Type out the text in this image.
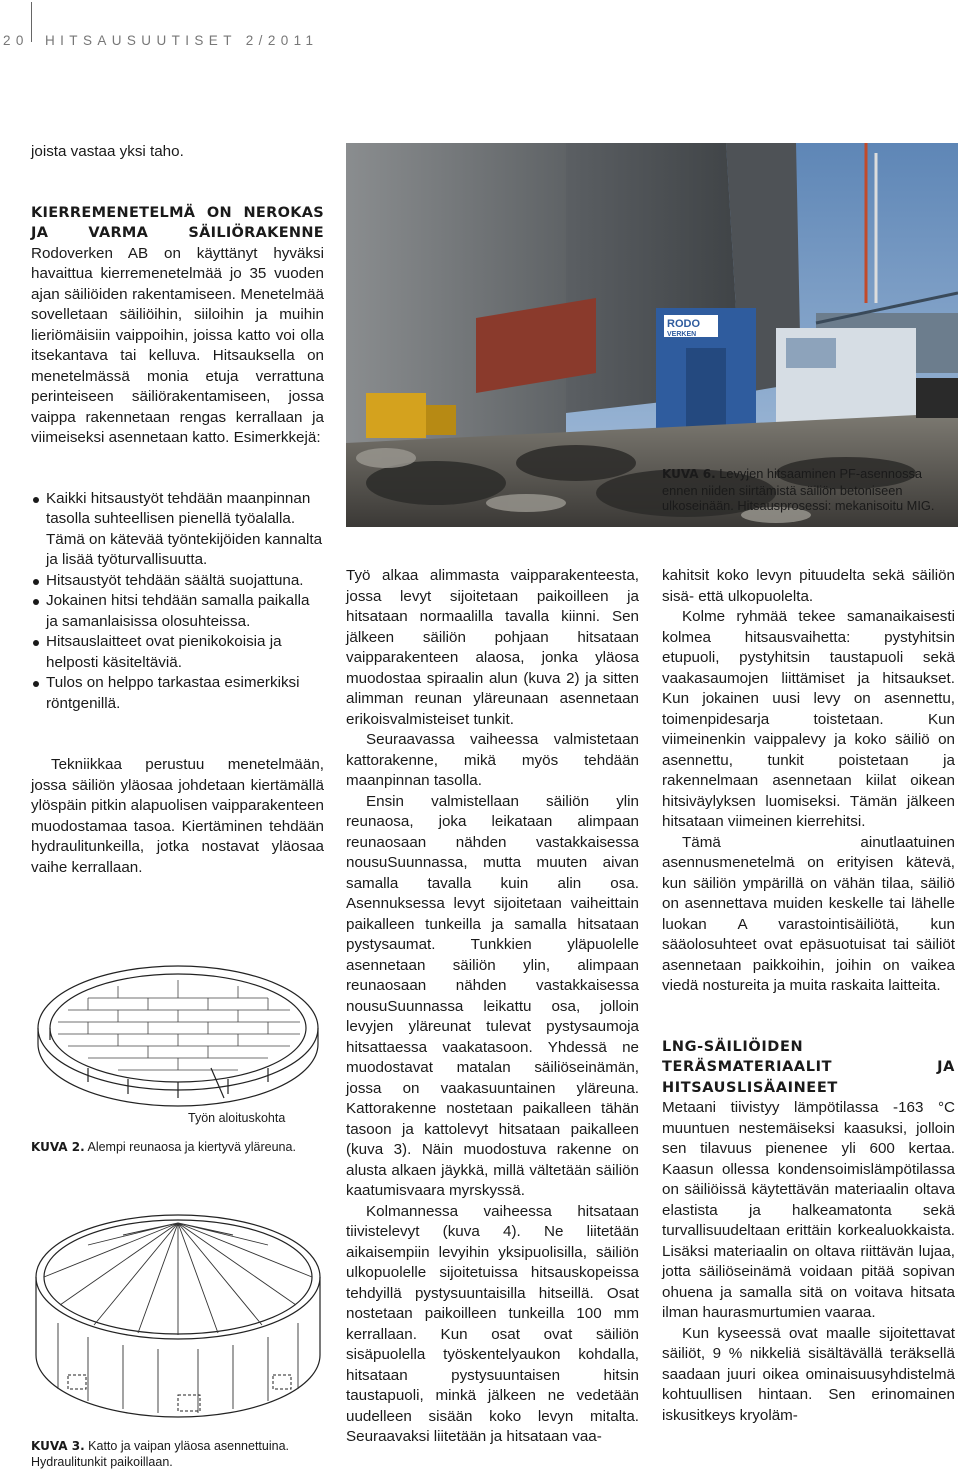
20 HITSAUSUUTISET 2/2011

joista vastaa yksi taho.

KIERREMENETELMÄ ON NEROKAS JA VARMA SÄILIÖRAKENNE Rodoverken AB on käyttänyt hyväksi havaittua kierremenetelmää jo 35 vuoden ajan säiliöiden rakentamiseen. Menetelmää sovelletaan säiliöihin, siiloihin ja muihin lieriömäisiin vaippoihin, joissa katto voi olla itsekantava tai kelluva. Hitsauksella on menetelmässä monia etuja verrattuna perinteiseen säiliörakentamiseen, jossa vaippa rakennetaan rengas kerrallaan ja viimeiseksi asennetaan katto. Esimerkkejä:

Kaikki hitsaustyöt tehdään maanpinnan tasolla suhteellisen pienellä työalalla. Tämä on kätevää työntekijöiden kannalta ja lisää työturvallisuutta.
Hitsaustyöt tehdään säältä suojattuna.
Jokainen hitsi tehdään samalla paikalla ja samanlaisissa olosuhteissa.
Hitsauslaitteet ovat pienikokoisia ja helposti käsiteltäviä.
Tulos on helppo tarkastaa esimerkiksi röntgenillä.

Tekniikkaa perustuu menetelmään, jossa säiliön yläosaa johdetaan kiertämällä ylöspäin pitkin alapuolisen vaipparakenteen muodostamaa tasoa. Kiertäminen tehdään hydraulitunkeilla, jotka nostavat yläosaa vaihe kerrallaan.

Työn aloituskohta
KUVA 2. Alempi reunaosa ja kiertyvä yläreuna.
KUVA 3. Katto ja vaipan yläosa asennettuina. Hydraulitunkit paikoillaan.
RODO
VERKEN
KUVA 6. Levyjen hitsaaminen PF-asennossa ennen niiden siirtämistä säiliön betoniseen ulkoseinään. Hitsausprosessi: mekanisoitu MIG.

Työ alkaa alimmasta vaipparakenteesta, jossa levyt sijoitetaan paikoilleen ja hitsataan normaalilla tavalla kiinni. Sen jälkeen säiliön pohjaan hitsataan vaipparakenteen alaosa, jonka yläosa muodostaa spiraalin alun (kuva 2) ja sitten alimman reunan yläreunaan asennetaan erikoisvalmisteiset tunkit.

Seuraavassa vaiheessa valmistetaan kattorakenne, mikä myös tehdään maanpinnan tasolla.

Ensin valmistellaan säiliön ylin reunaosa, joka leikataan alimpaan reunaosaan nähden vastakkaisessa nousuSuunnassa, mutta muuten aivan samalla tavalla kuin alin osa. Asennuksessa levyt sijoitetaan vaiheittain paikalleen tunkeilla ja samalla hitsataan pystysaumat. Tunkkien yläpuolelle asennetaan säiliön ylin, alimpaan reunaosaan nähden vastakkaisessa nousuSuunnassa leikattu osa, jolloin levyjen yläreunat tulevat pystysaumoja hitsattaessa vaakatasoon. Yhdessä ne muodostavat matalan säiliöseinämän, jossa on vaakasuuntainen yläreuna. Kattorakenne nostetaan paikalleen tähän tasoon ja kattolevyt hitsataan paikalleen (kuva 3). Näin muodostuva rakenne on alusta alkaen jäykkä, millä vältetään säiliön kaatumisvaara myrskyssä.

Kolmannessa vaiheessa hitsataan tiivistelevyt (kuva 4). Ne liitetään aikaisempiin levyihin yksipuolisilla, säiliön ulkopuolelle sijoitetuissa hitsauskopeissa tehdyillä pystysuuntaisilla hitseillä. Osat nostetaan paikoilleen tunkeilla 100 mm kerrallaan. Kun osat ovat säiliön sisäpuolella työskentelyaukon kohdalla, hitsataan pystysuuntaisen hitsin taustapuoli, minkä jälkeen ne vedetään uudelleen sisään koko levyn mitalta. Seuraavaksi liitetään ja hitsataan vaa-

kahitsit koko levyn pituudelta sekä säiliön sisä- että ulkopuolelta.

Kolme ryhmää tekee samanaikaisesti kolmea hitsausvaihetta: pystyhitsin etupuoli, pystyhitsin taustapuoli sekä vaakasaumojen liittämiset ja hitsaukset. Kun jokainen uusi levy on asennettu, toimenpidesarja toistetaan. Kun viimeinenkin vaippalevy ja koko säiliö on asennettu, tunkit poistetaan ja rakennelmaan asennetaan kiilat oikean hitsiväylyksen luomiseksi. Tämän jälkeen hitsataan viimeinen kierrehitsi.

Tämä ainutlaatuinen asennusmenetelmä on erityisen kätevä, kun säiliön ympärillä on vähän tilaa, säiliö on asennettava muiden keskelle tai lähelle luokan A varastointisäiliötä, kun sääolosuhteet ovat epäsuotuisat tai säiliöt asennetaan paikkoihin, joihin on vaikea viedä nostureita ja muita raskaita laitteita.

LNG-SÄILIÖIDEN TERÄSMATERIAALIT JA HITSAUSLISÄAINEET

Metaani tiivistyy lämpötilassa -163 °C muuntuen nestemäiseksi kaasuksi, jolloin sen tilavuus pienenee yli 600 kertaa. Kaasun ollessa kondensoimislämpötilassa on säiliöissä käytettävän materiaalin oltava elastista ja halkeamatonta sekä turvallisuudeltaan erittäin korkealuokkaista. Lisäksi materiaalin on oltava riittävän lujaa, jotta säiliöseinämä voidaan pitää sopivan ohuena ja samalla sitä on voitava hitsata ilman haurasmurtumien vaaraa.

Kun kyseessä ovat maalle sijoitettavat säiliöt, 9 % nikkeliä sisältävällä teräksellä saadaan juuri oikea ominaisuusyhdistelmä kohtuullisen hintaan. Sen erinomainen iskusitkeys kryoläm-
